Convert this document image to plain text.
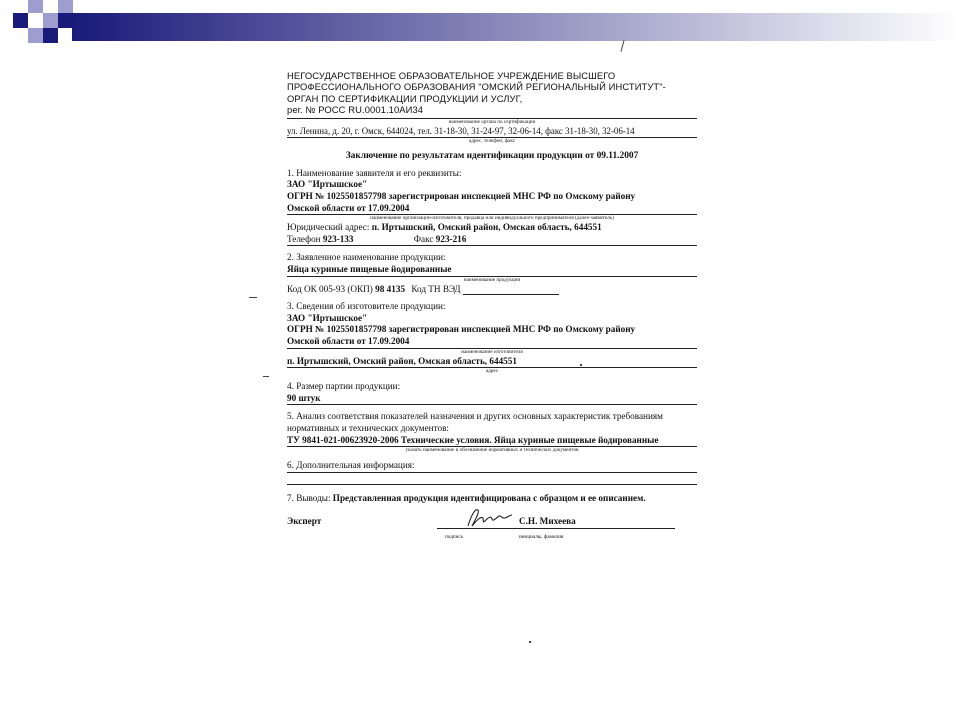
НЕГОСУДАРСТВЕННОЕ ОБРАЗОВАТЕЛЬНОЕ УЧРЕЖДЕНИЕ ВЫСШЕГО
ПРОФЕССИОНАЛЬНОГО ОБРАЗОВАНИЯ "ОМСКИЙ РЕГИОНАЛЬНЫЙ ИНСТИТУТ"-
ОРГАН ПО СЕРТИФИКАЦИИ ПРОДУКЦИИ И УСЛУГ,
рег. № РОСС RU.0001.10АИ34
наименование органа по сертификации
ул. Ленина, д. 20, г. Омск, 644024, тел. 31-18-30, 31-24-97, 32-06-14, факс 31-18-30, 32-06-14
адрес, телефон, факс
Заключение по результатам идентификации продукции от 09.11.2007
1. Наименование заявителя и его реквизиты:
ЗАО "Иртышское"
ОГРН № 1025501857798 зарегистрирован инспекцией МНС РФ по Омскому району
Омской области от 17.09.2004
наименование организации-изготовителя, продавца или индивидуального предпринимателя (далее-заявитель)
Юридический адрес: п. Иртышский, Омский район, Омская область, 644551
Телефон 923-133	Факс 923-216
2. Заявленное наименование продукции:
Яйца куриные пищевые йодированные
наименование продукции
Код ОК 005-93 (ОКП) 98 4135 Код ТН ВЭД
3. Сведения об изготовителе продукции:
ЗАО "Иртышское"
ОГРН № 1025501857798 зарегистрирован инспекцией МНС РФ по Омскому району
Омской области от 17.09.2004
наименование изготовителя
п. Иртышский, Омский район, Омская область, 644551
адрес
4. Размер партии продукции:
90 штук
5. Анализ соответствия показателей назначения и других основных характеристик требованиям
нормативных и технических документов:
ТУ 9841-021-00623920-2006 Технические условия. Яйца куриные пищевые йодированные
указать наименование и обозначение нормативных и технических документов
6. Дополнительная информация:
7. Выводы: Представленная продукция идентифицирована с образцом и ее описанием.
Эксперт	С.Н. Михеева
подпись	инициалы, фамилия
